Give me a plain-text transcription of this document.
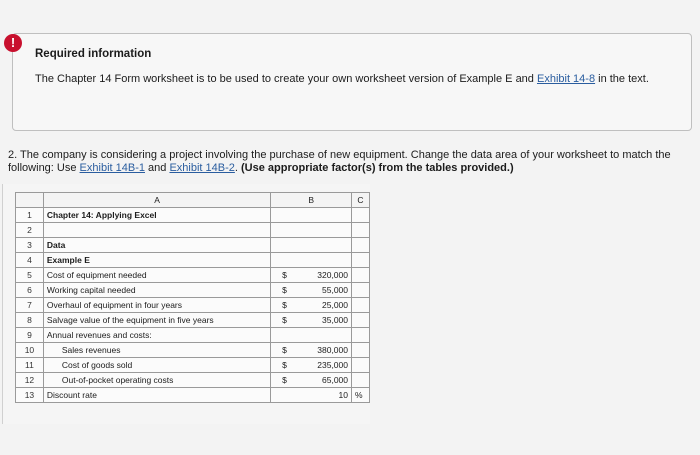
!
Required information
The Chapter 14 Form worksheet is to be used to create your own worksheet version of Example E and Exhibit 14-8 in the text.
2. The company is considering a project involving the purchase of new equipment. Change the data area of your worksheet to match the following: Use Exhibit 14B-1 and Exhibit 14B-2. (Use appropriate factor(s) from the tables provided.)
	A	B		C
1	Chapter 14: Applying Excel			
2				
3	Data			
4	Example E			
5	Cost of equipment needed	$	320,000	
6	Working capital needed	$	55,000	
7	Overhaul of equipment in four years	$	25,000	
8	Salvage value of the equipment in five years	$	35,000	
9	Annual revenues and costs:			
10	Sales revenues	$	380,000	
11	Cost of goods sold	$	235,000	
12	Out-of-pocket operating costs	$	65,000	
13	Discount rate		10	%
